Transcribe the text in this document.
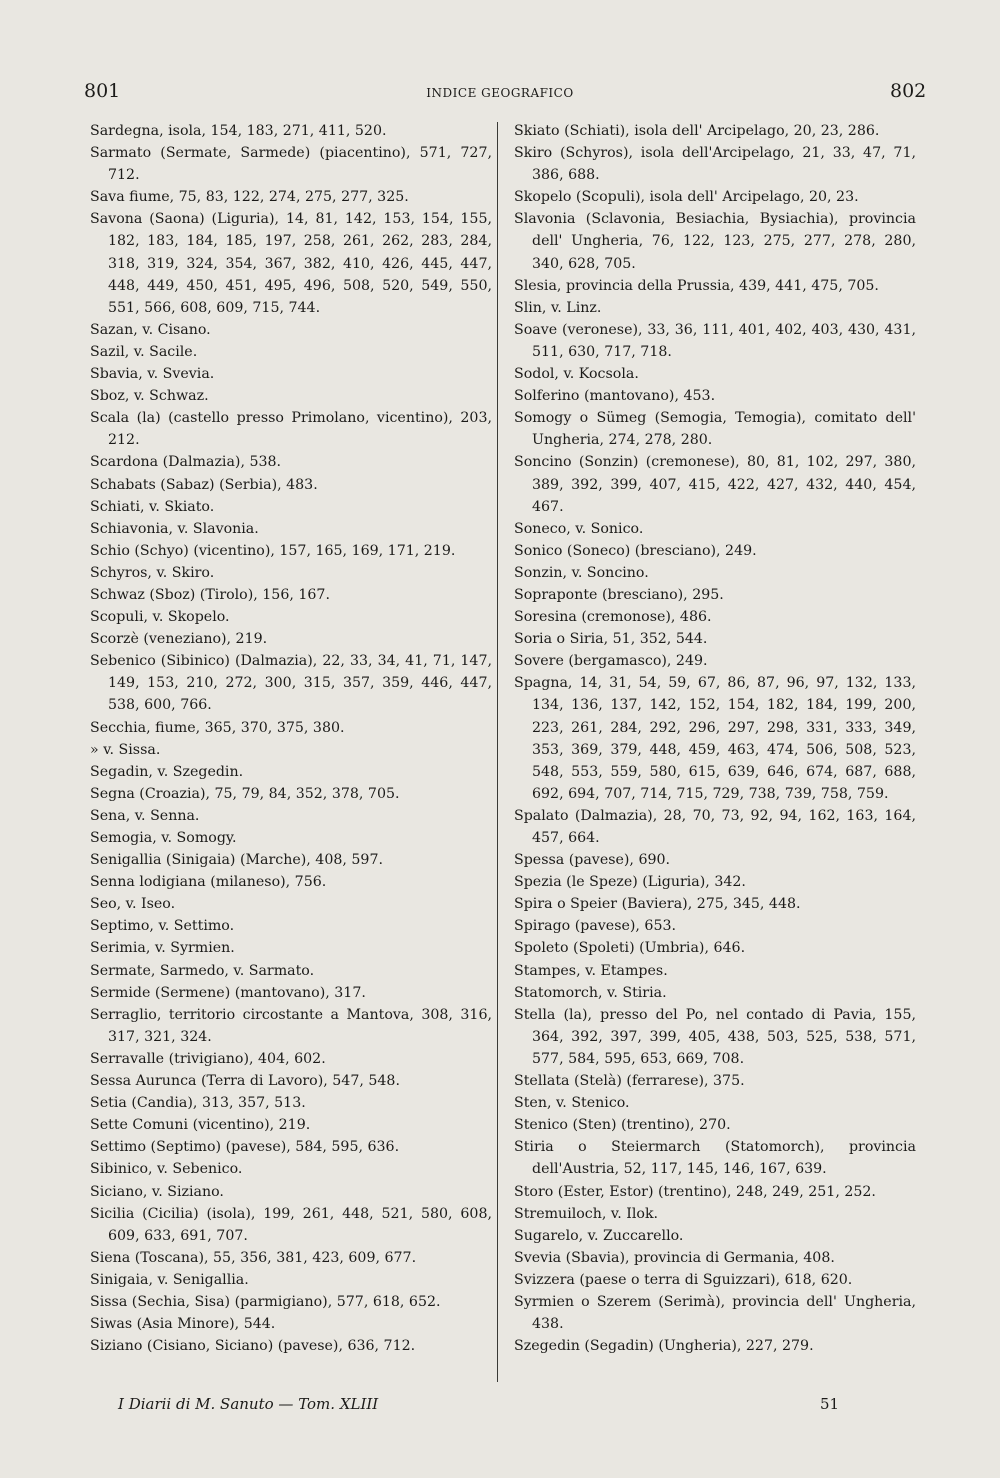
801	INDICE GEOGRAFICO	802
Sardegna, isola, 154, 183, 271, 411, 520.
Sarmato (Sermate, Sarmede) (piacentino), 571, 727, 712.
Sava fiume, 75, 83, 122, 274, 275, 277, 325.
Savona (Saona) (Liguria), 14, 81, 142, 153, 154, 155, 182, 183, 184, 185, 197, 258, 261, 262, 283, 284, 318, 319, 324, 354, 367, 382, 410, 426, 445, 447, 448, 449, 450, 451, 495, 496, 508, 520, 549, 550, 551, 566, 608, 609, 715, 744.
Sazan, v. Cisano.
Sazil, v. Sacile.
Sbavia, v. Svevia.
Sboz, v. Schwaz.
Scala (la) (castello presso Primolano, vicentino), 203, 212.
Scardona (Dalmazia), 538.
Schabats (Sabaz) (Serbia), 483.
Schiati, v. Skiato.
Schiavonia, v. Slavonia.
Schio (Schyo) (vicentino), 157, 165, 169, 171, 219.
Schyros, v. Skiro.
Schwaz (Sboz) (Tirolo), 156, 167.
Scopuli, v. Skopelo.
Scorzè (veneziano), 219.
Sebenico (Sibinico) (Dalmazia), 22, 33, 34, 41, 71, 147, 149, 153, 210, 272, 300, 315, 357, 359, 446, 447, 538, 600, 766.
Secchia, fiume, 365, 370, 375, 380.
» v. Sissa.
Segadin, v. Szegedin.
Segna (Croazia), 75, 79, 84, 352, 378, 705.
Sena, v. Senna.
Semogia, v. Somogy.
Senigallia (Sinigaia) (Marche), 408, 597.
Senna lodigiana (milaneso), 756.
Seo, v. Iseo.
Septimo, v. Settimo.
Serimia, v. Syrmien.
Sermate, Sarmedo, v. Sarmato.
Sermide (Sermene) (mantovano), 317.
Serraglio, territorio circostante a Mantova, 308, 316, 317, 321, 324.
Serravalle (trivigiano), 404, 602.
Sessa Aurunca (Terra di Lavoro), 547, 548.
Setia (Candia), 313, 357, 513.
Sette Comuni (vicentino), 219.
Settimo (Septimo) (pavese), 584, 595, 636.
Sibinico, v. Sebenico.
Siciano, v. Siziano.
Sicilia (Cicilia) (isola), 199, 261, 448, 521, 580, 608, 609, 633, 691, 707.
Siena (Toscana), 55, 356, 381, 423, 609, 677.
Sinigaia, v. Senigallia.
Sissa (Sechia, Sisa) (parmigiano), 577, 618, 652.
Siwas (Asia Minore), 544.
Siziano (Cisiano, Siciano) (pavese), 636, 712.
Skiato (Schiati), isola dell' Arcipelago, 20, 23, 286.
Skiro (Schyros), isola dell'Arcipelago, 21, 33, 47, 71, 386, 688.
Skopelo (Scopuli), isola dell' Arcipelago, 20, 23.
Slavonia (Sclavonia, Besiachia, Bysiachia), provincia dell' Ungheria, 76, 122, 123, 275, 277, 278, 280, 340, 628, 705.
Slesia, provincia della Prussia, 439, 441, 475, 705.
Slin, v. Linz.
Soave (veronese), 33, 36, 111, 401, 402, 403, 430, 431, 511, 630, 717, 718.
Sodol, v. Kocsola.
Solferino (mantovano), 453.
Somogy o Sümeg (Semogia, Temogia), comitato dell' Ungheria, 274, 278, 280.
Soncino (Sonzin) (cremonese), 80, 81, 102, 297, 380, 389, 392, 399, 407, 415, 422, 427, 432, 440, 454, 467.
Soneco, v. Sonico.
Sonico (Soneco) (bresciano), 249.
Sonzin, v. Soncino.
Sopraponte (bresciano), 295.
Soresina (cremonose), 486.
Soria o Siria, 51, 352, 544.
Sovere (bergamasco), 249.
Spagna, 14, 31, 54, 59, 67, 86, 87, 96, 97, 132, 133, 134, 136, 137, 142, 152, 154, 182, 184, 199, 200, 223, 261, 284, 292, 296, 297, 298, 331, 333, 349, 353, 369, 379, 448, 459, 463, 474, 506, 508, 523, 548, 553, 559, 580, 615, 639, 646, 674, 687, 688, 692, 694, 707, 714, 715, 729, 738, 739, 758, 759.
Spalato (Dalmazia), 28, 70, 73, 92, 94, 162, 163, 164, 457, 664.
Spessa (pavese), 690.
Spezia (le Speze) (Liguria), 342.
Spira o Speier (Baviera), 275, 345, 448.
Spirago (pavese), 653.
Spoleto (Spoleti) (Umbria), 646.
Stampes, v. Etampes.
Statomorch, v. Stiria.
Stella (la), presso del Po, nel contado di Pavia, 155, 364, 392, 397, 399, 405, 438, 503, 525, 538, 571, 577, 584, 595, 653, 669, 708.
Stellata (Stelà) (ferrarese), 375.
Sten, v. Stenico.
Stenico (Sten) (trentino), 270.
Stiria o Steiermarch (Statomorch), provincia dell'Austria, 52, 117, 145, 146, 167, 639.
Storo (Ester, Estor) (trentino), 248, 249, 251, 252.
Stremuiloch, v. Ilok.
Sugarelo, v. Zuccarello.
Svevia (Sbavia), provincia di Germania, 408.
Svizzera (paese o terra di Sguizzari), 618, 620.
Syrmien o Szerem (Serimà), provincia dell' Ungheria, 438.
Szegedin (Segadin) (Ungheria), 227, 279.
I Diarii di M. Sanuto — Tom. XLIII	51
